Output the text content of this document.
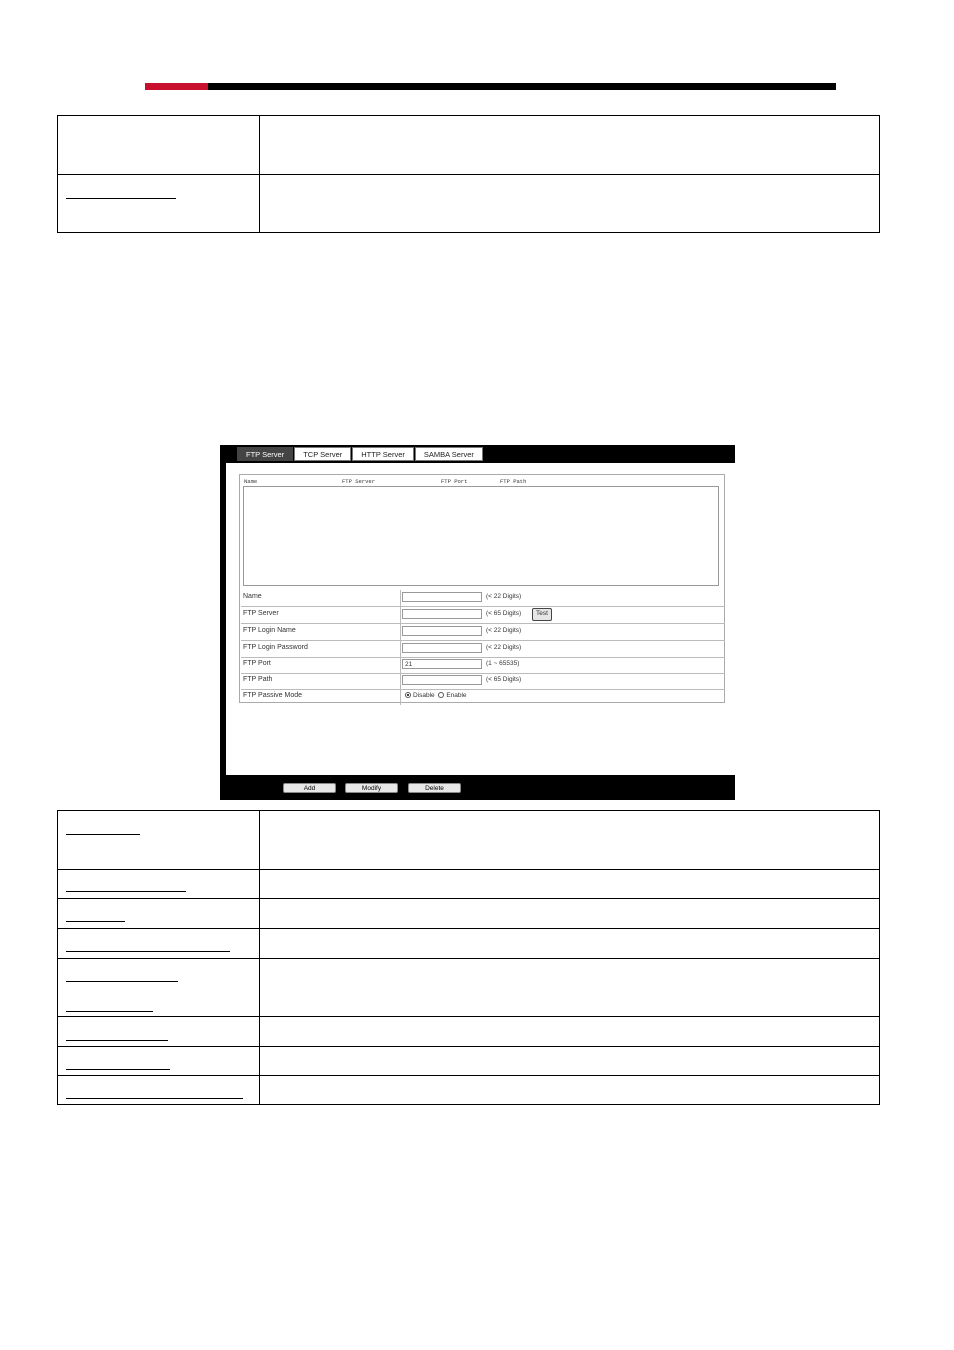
FTP Server	TCP Server	HTTP Server	SAMBA Server
Name	FTP Server	FTP Port	FTP Path
Name	(< 22 Digits)
FTP Server	(< 65 Digits)	Test
FTP Login Name	(< 22 Digits)
FTP Login Password	(< 22 Digits)
FTP Port	21	(1 ~ 65535)
FTP Path	(< 65 Digits)
FTP Passive Mode	Disable Enable
Add	Modify	Delete
